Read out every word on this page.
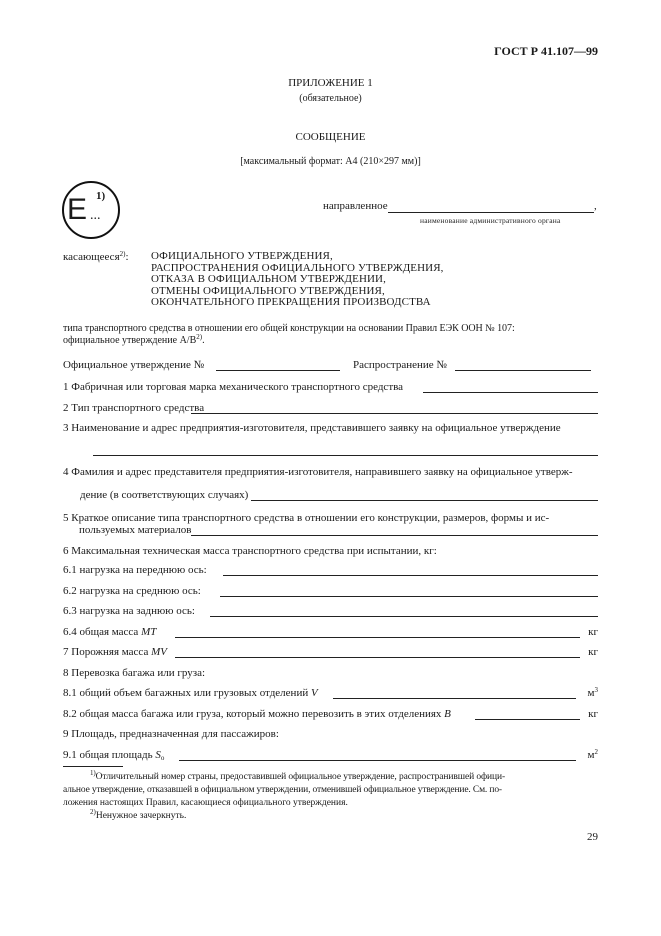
ГОСТ Р 41.107—99
ПРИЛОЖЕНИЕ 1
(обязательное)
СООБЩЕНИЕ
[максимальный формат: А4 (210×297 мм)]
E ...
1)
направленное	,
наименование административного органа
касающееся$^{2)}$: ОФИЦИАЛЬНОГО УТВЕРЖДЕНИЯ,
РАСПРОСТРАНЕНИЯ ОФИЦИАЛЬНОГО УТВЕРЖДЕНИЯ,
ОТКАЗА В ОФИЦИАЛЬНОМ УТВЕРЖДЕНИИ,
ОТМЕНЫ ОФИЦИАЛЬНОГО УТВЕРЖДЕНИЯ,
ОКОНЧАТЕЛЬНОГО ПРЕКРАЩЕНИЯ ПРОИЗВОДСТВА
типа транспортного средства в отношении его общей конструкции на основании Правил ЕЭК ООН № 107:
официальное утверждение $А/В^{2)}$.
Официальное утверждение №	Распространение №
1 Фабричная или торговая марка механического транспортного средства
2 Тип транспортного средства
3 Наименование и адрес предприятия-изготовителя, представившего заявку на официальное утверждение
4 Фамилия и адрес представителя предприятия-изготовителя, направившего заявку на официальное утверж-
дение (в соответствующих случаях)
5 Краткое описание типа транспортного средства в отношении его конструкции, размеров, формы и ис-
пользуемых материалов
6 Максимальная техническая масса транспортного средства при испытании, кг:
6.1 нагрузка на переднюю ось:
6.2 нагрузка на среднюю ось:
6.3 нагрузка на заднюю ось:
6.4 общая масса MT	кг
7 Порожняя масса MV	кг
8 Перевозка багажа или груза:
8.1 общий объем багажных или грузовых отделений V	$м^3$
8.2 общая масса багажа или груза, который можно перевозить в этих отделениях B	кг
9 Площадь, предназначенная для пассажиров:
9.1 общая площадь $S_o$	$м^2$
$^{1)}$Отличительный номер страны, предоставившей официальное утверждение, распространившей офици-
альное утверждение, отказавшей в официальном утверждении, отменившей официальное утверждение. См. по-
ложения настоящих Правил, касающиеся официального утверждения.
$^{2)}$Ненужное зачеркнуть.
29
